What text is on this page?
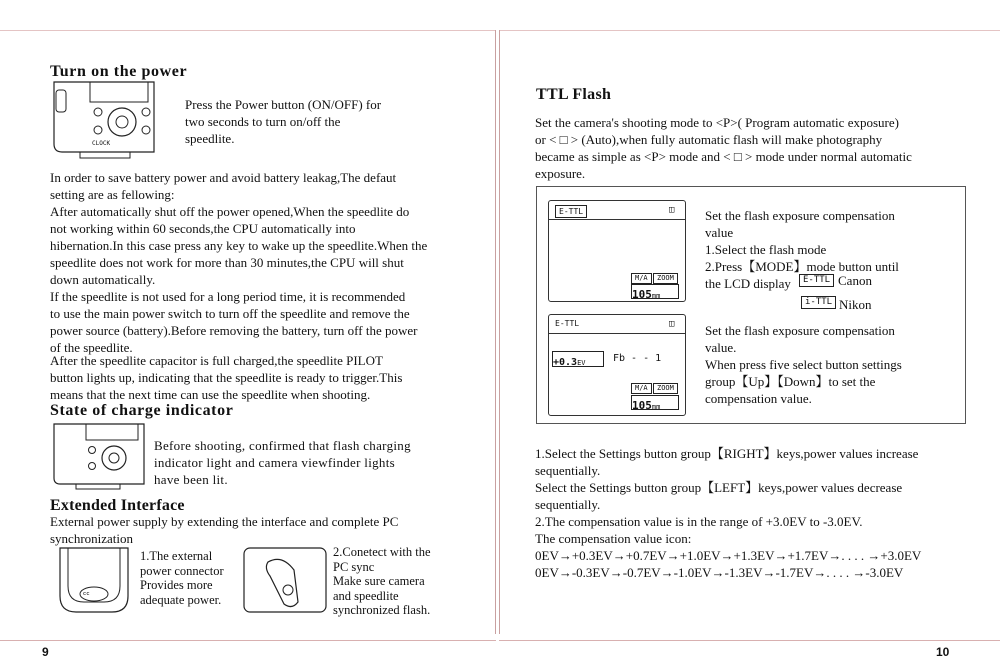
Turn on the power
CLOCK
Press the Power button (ON/OFF) for
two seconds to turn on/off the
speedlite.
In order to save battery power and avoid battery leakag,The defaut
setting are as fellowing:
After automatically shut off the power opened,When the speedlite do
not working within 60 seconds,the CPU automatically into
hibernation.In this case press any key to wake up the speedlite.When the
speedlite does not work for more than 30 minutes,the CPU will shut
down automatically.
If the speedlite is not used for a long period time, it is recommended
to use the main power switch to turn off the speedlite and remove the
power source (battery).Before removing the battery, turn off the power
of the speedlite.
After the speedlite capacitor is full charged,the speedlite PILOT
button lights up, indicating that the speedlite is ready to trigger.This
means that the next time can use the speedlite when shooting.
State of charge indicator
Before shooting, confirmed that flash charging
indicator light and camera viewfinder lights
have been lit.
Extended Interface
External power supply by extending the interface and complete PC
synchronization
ᶜᶜ
1.The external
power connector
Provides more
adequate power.
2.Conetect with the
PC sync
Make sure camera
and speedlite
synchronized flash.
9
TTL Flash
Set the camera's shooting mode to <P>( Program automatic exposure)
or < □ > (Auto),when fully automatic flash will make photography
became as simple as <P> mode and < □ > mode under normal automatic
exposure.
E-TTL	◫
M/A	ZOOM
105mm
E-TTL	◫
+0.3EV	Fb - - 1
M/A	ZOOM
105mm
Set the flash exposure compensation
value
1.Select the flash mode
2.Press【MODE】mode button until
the LCD display	E-TTL Canon
i-TTL Nikon
Set the flash exposure compensation
value.
When press five select button settings
group【Up】【Down】to set the
compensation value.
1.Select the Settings button group【RIGHT】keys,power values increase
sequentially.
Select the Settings button group【LEFT】keys,power values decrease
sequentially.
2.The compensation value is in the range of +3.0EV to -3.0EV.
The compensation value icon:
0EV→+0.3EV→+0.7EV→+1.0EV→+1.3EV→+1.7EV→. . . . →+3.0EV
0EV→-0.3EV→-0.7EV→-1.0EV→-1.3EV→-1.7EV→. . . . →-3.0EV
10
